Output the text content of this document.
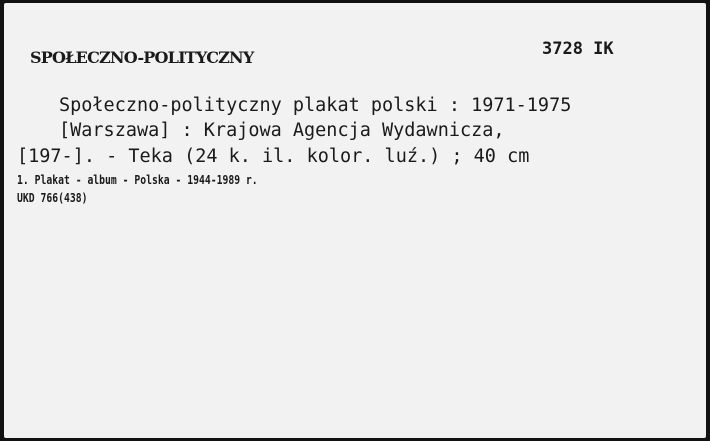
SPOŁECZNO-POLITYCZNY	3728 IK
Społeczno-polityczny plakat polski : 1971-1975
[Warszawa] : Krajowa Agencja Wydawnicza,
[197-]. - Teka (24 k. il. kolor. luź.) ; 40 cm
1. Plakat - album - Polska - 1944-1989 r.
UKD 766(438)
